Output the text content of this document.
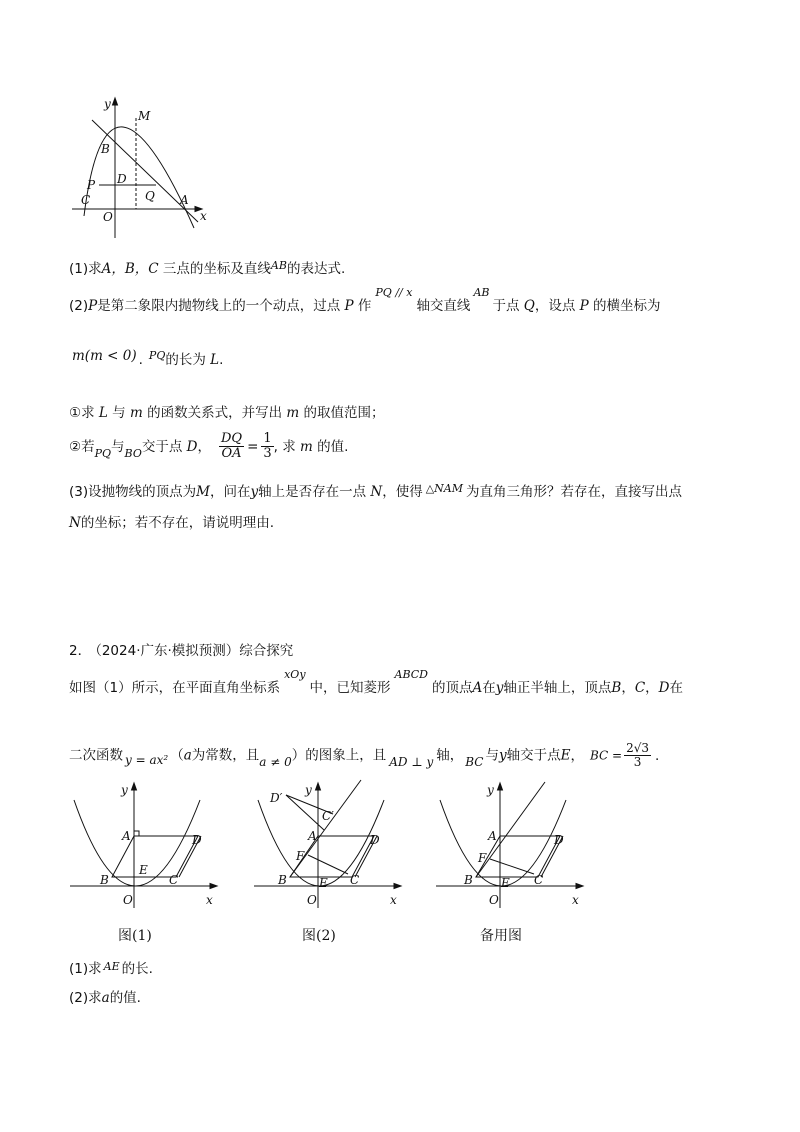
y
M
B
P D
Q
C
O
A
x
(1)求A，B，C 三点的坐标及直线$^{AB}$的表达式.
(2)P是第二象限内抛物线上的一个动点，过点 P 作$^{PQ // x}$轴交直线$^{AB}$于点 Q，设点 P 的横坐标为
m(m < 0) . $^{PQ}$的长为 L.
①求 L 与 m 的函数关系式，并写出 m 的取值范围；
②若$_{PQ}$与$_{BO}$交于点 D， $\frac{DQ}{OA} = \frac{1}{3}$ , 求 m 的值.
(3)设抛物线的顶点为M，问在y轴上是否存在一点 N，使得 $^{\triangle NAM}$ 为直角三角形？若存在，直接写出点
N的坐标；若不存在，请说明理由.
2． （2024·广东·模拟预测）综合探究
如图（1）所示，在平面直角坐标系$^{xOy}$中，已知菱形$^{ABCD}$的顶点A在y轴正半轴上，顶点B，C，D在
二次函数 y = ax² （a为常数，且a ≠ 0）的图象上，且 AD ⊥ y 轴， BC 与y轴交于点E， BC = $\frac{2√3}{3}$ .
y
A	D
B
E
C
O	x
图(1)
y
D′
C′
A	D
F
B	E C
O	x
图(2)
y
A	D
F
B E C
O	x
备用图
(1)求 $^{AE}$ 的长.
(2)求a的值.
